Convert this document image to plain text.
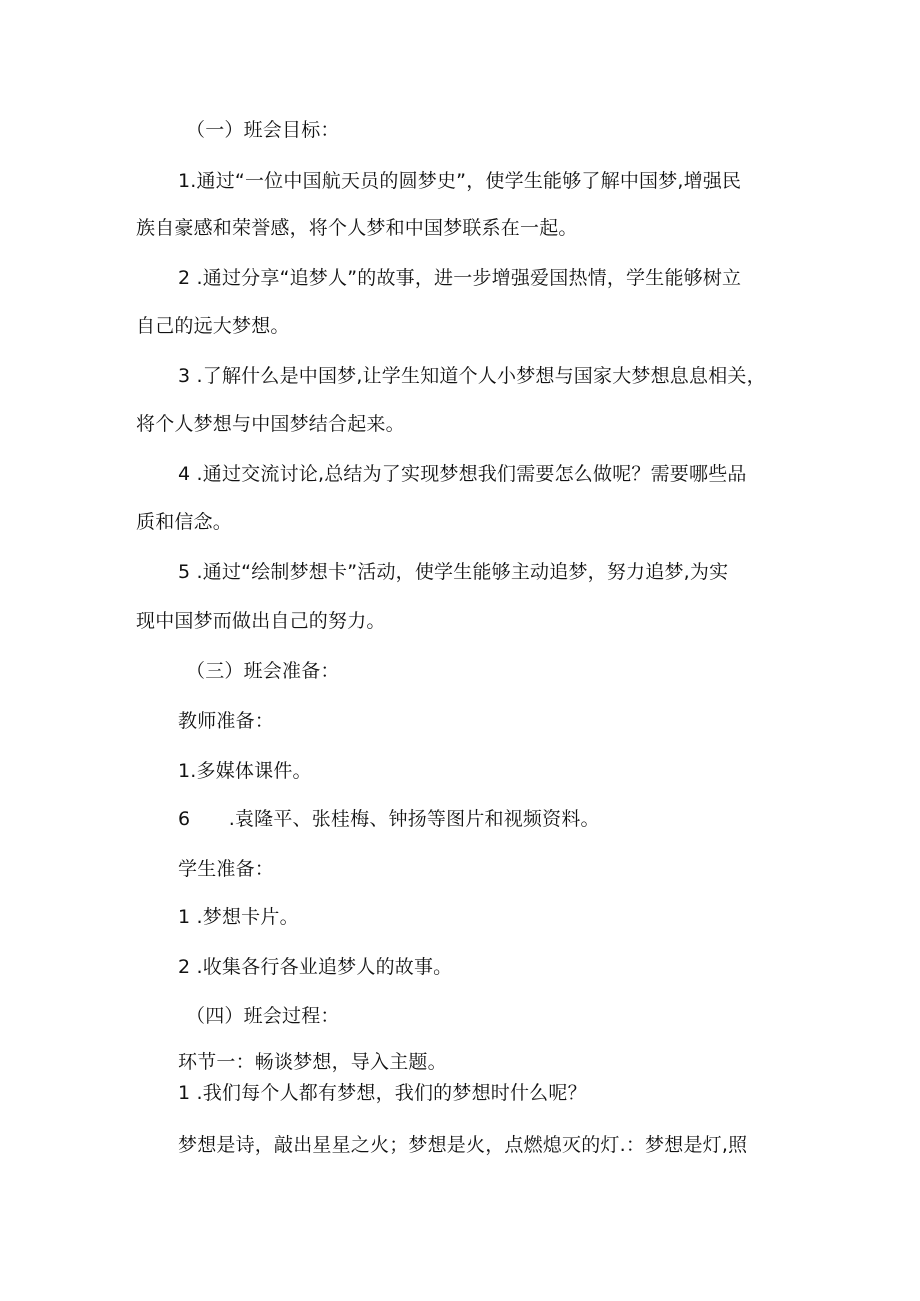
（一）班会目标：
1.通过“一位中国航天员的圆梦史”，使学生能够了解中国梦,增强民
族自豪感和荣誉感，将个人梦和中国梦联系在一起。
2 .通过分享“追梦人”的故事，进一步增强爱国热情，学生能够树立
自己的远大梦想。
3 .了解什么是中国梦,让学生知道个人小梦想与国家大梦想息息相关，
将个人梦想与中国梦结合起来。
4 .通过交流讨论,总结为了实现梦想我们需要怎么做呢？需要哪些品
质和信念。
5 .通过“绘制梦想卡”活动，使学生能够主动追梦，努力追梦,为实
现中国梦而做出自己的努力。
（三）班会准备：
教师准备：
1.多媒体课件。
6  .袁隆平、张桂梅、钟扬等图片和视频资料。
学生准备：
1 .梦想卡片。
2 .收集各行各业追梦人的故事。
（四）班会过程：
环节一：畅谈梦想，导入主题。
1 .我们每个人都有梦想，我们的梦想时什么呢？
梦想是诗，敲出星星之火；梦想是火，点燃熄灭的灯.：梦想是灯,照
